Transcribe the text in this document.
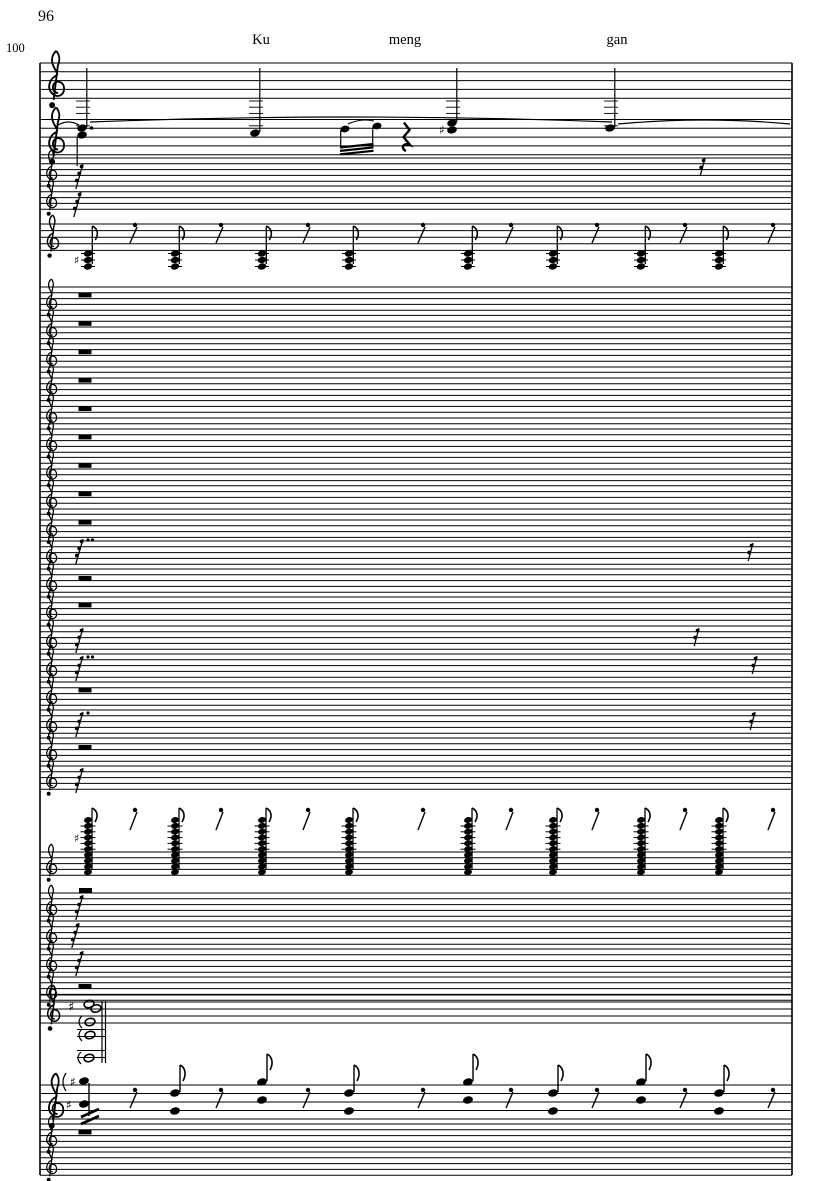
96
100	Ku	meng	gan
♯
♯
♯
♯
♯
♯
